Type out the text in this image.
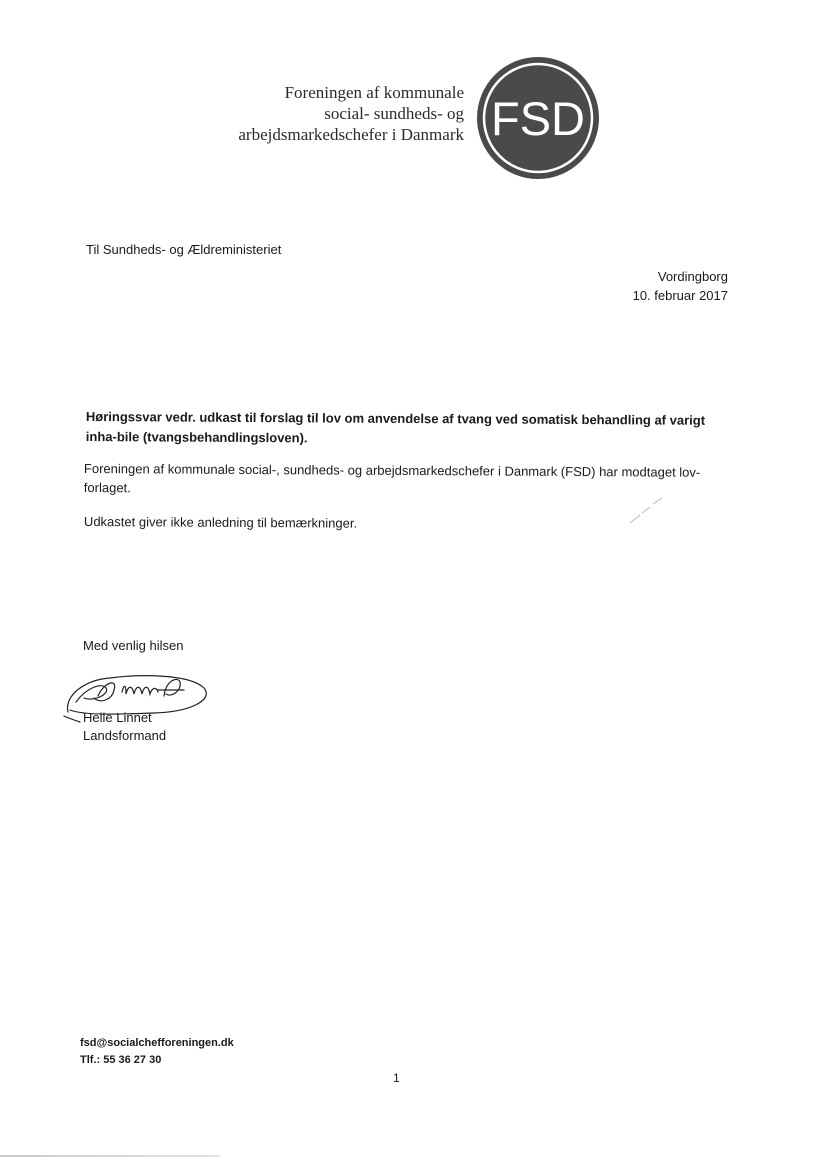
Foreningen af kommunale
social- sundheds- og
arbejdsmarkedschefer i Danmark FSD
Til Sundheds- og Ældreministeriet
Vordingborg
10. februar 2017
Høringssvar vedr. udkast til forslag til lov om anvendelse af tvang ved somatisk behandling af varigt inha-bile (tvangsbehandlingsloven).
Foreningen af kommunale social-, sundheds- og arbejdsmarkedschefer i Danmark (FSD) har modtaget lov-forlaget.
Udkastet giver ikke anledning til bemærkninger.
Med venlig hilsen
Helle Linnet
Landsformand
fsd@socialchefforeningen.dk
Tlf.: 55 36 27 30
1
